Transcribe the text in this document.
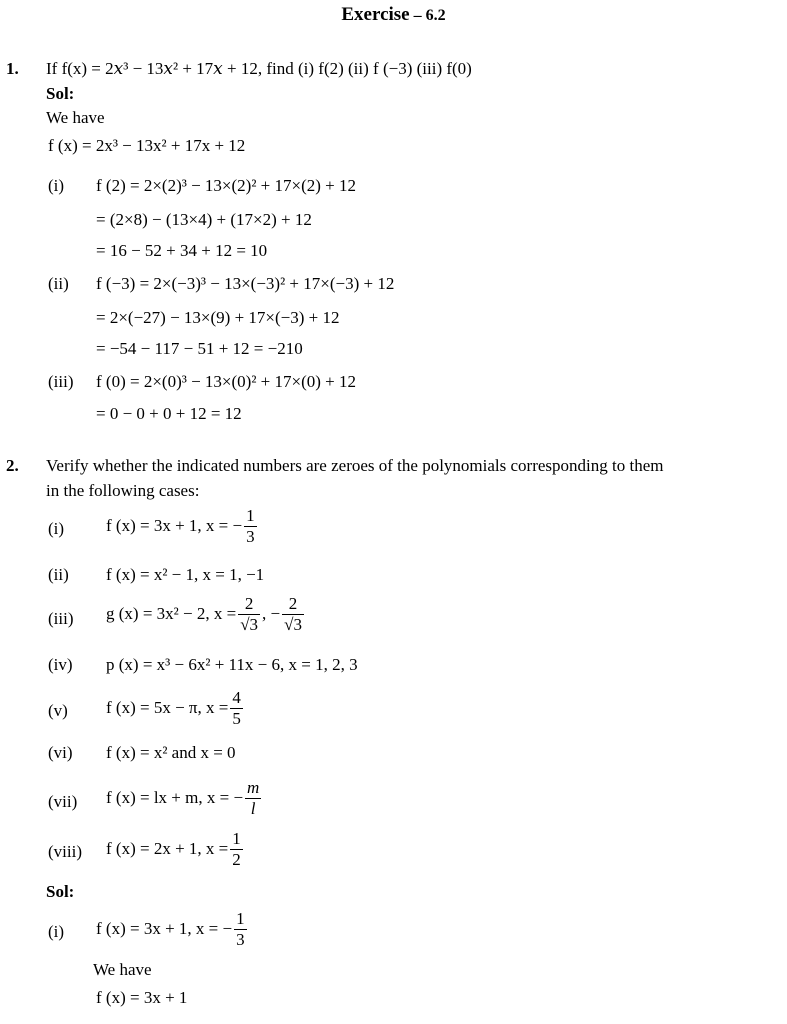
Exercise – 6.2
1. If f(x) = 2𝑥³ − 13𝑥² + 17𝑥 + 12, find (i) f(2) (ii) f (−3) (iii) f(0)
Sol:
We have
f (x) = 2x³ − 13x² + 17x + 12
(i) f (2) = 2×(2)³ − 13×(2)² + 17×(2) + 12
= (2×8) − (13×4) + (17×2) + 12
= 16 − 52 + 34 + 12 = 10
(ii) f (−3) = 2×(−3)³ − 13×(−3)² + 17×(−3) + 12
= 2×(−27) − 13×(9) + 17×(−3) + 12
= −54 − 117 − 51 + 12 = −210
(iii) f (0) = 2×(0)³ − 13×(0)² + 17×(0) + 12
= 0 − 0 + 0 + 12 = 12
2. Verify whether the indicated numbers are zeroes of the polynomials corresponding to them
in the following cases:
(i) f (x) = 3x + 1, x = − $\frac{1}{3}$
(ii) f (x) = x² − 1, x = 1, −1
(iii) g (x) = 3x² − 2, $x = \frac{2}{√3}$ , − $\frac{2}{√3}$
(iv) p (x) = x³ − 6x² + 11x − 6, x = 1, 2, 3
(v) f (x) = 5x − π, $x = \frac{4}{5}$
(vi) f (x) = x² and x = 0
(vii) f (x) = lx + m, x = − $\frac{m}{l}$
(viii) f (x) = 2x + 1, $x = \frac{1}{2}$
Sol:
(i) f (x) = 3x + 1, x = − $\frac{1}{3}$
We have
f (x) = 3x + 1
